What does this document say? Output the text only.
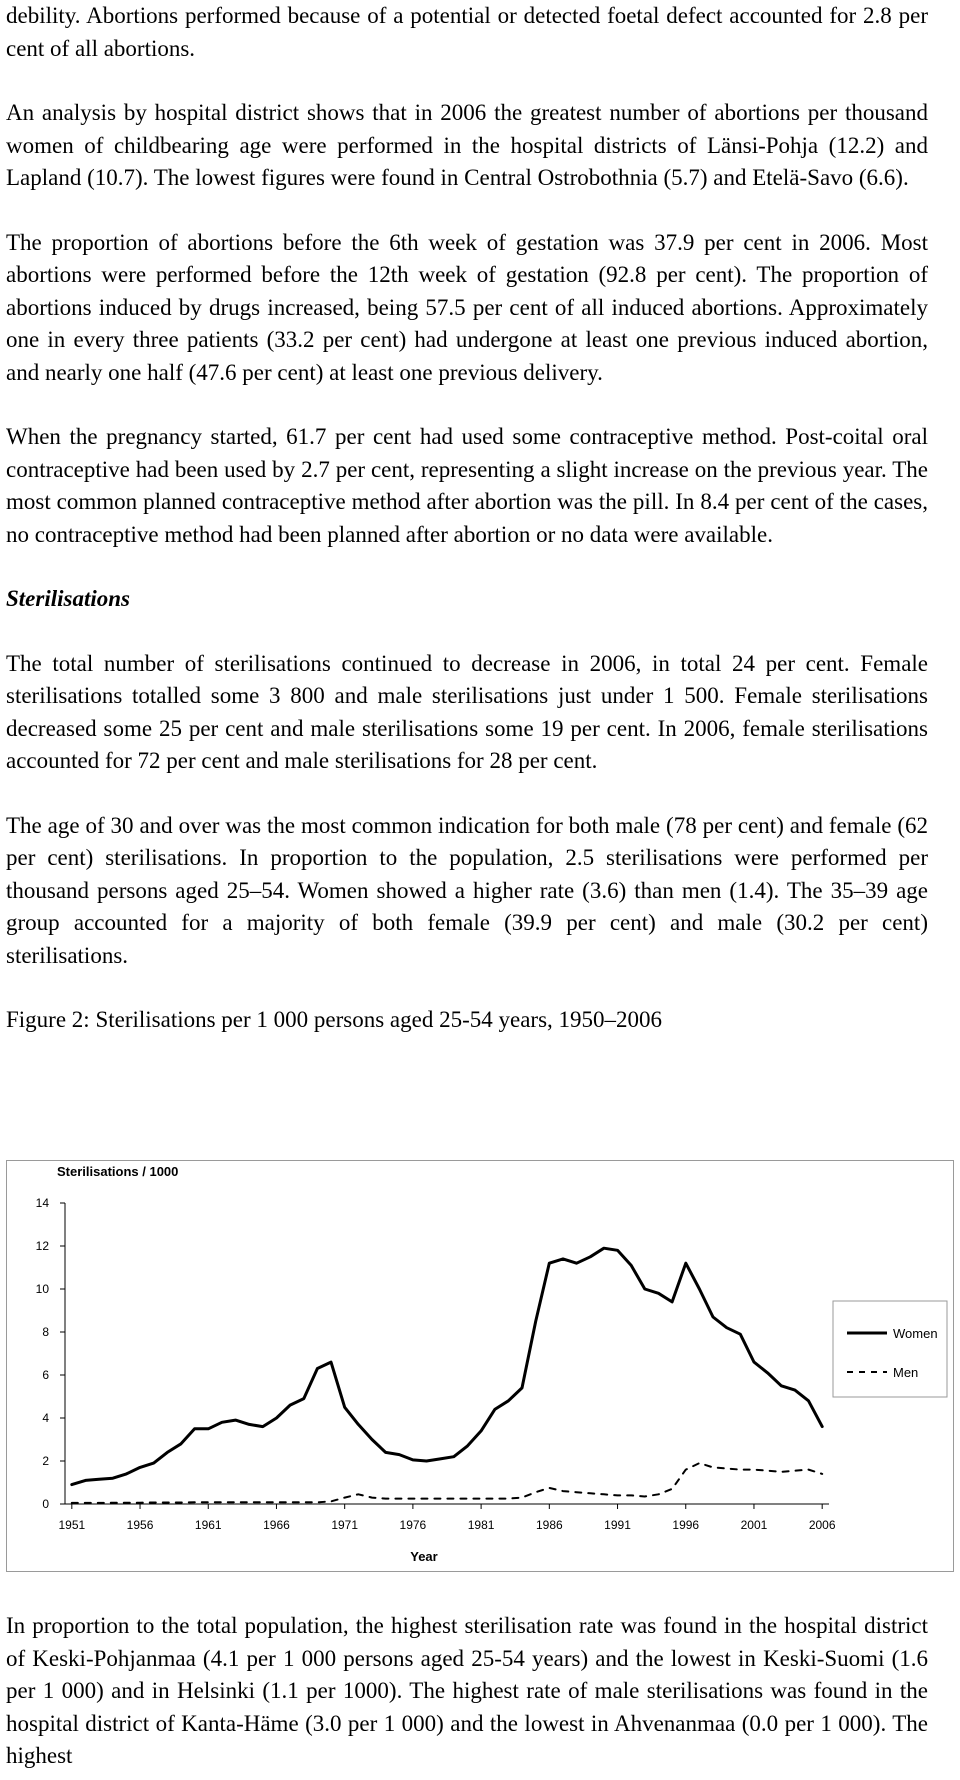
debility. Abortions performed because of a potential or detected foetal defect accounted for 2.8 per cent of all abortions.

An analysis by hospital district shows that in 2006 the greatest number of abortions per thousand women of childbearing age were performed in the hospital districts of Länsi-Pohja (12.2) and Lapland (10.7). The lowest figures were found in Central Ostrobothnia (5.7) and Etelä-Savo (6.6).

The proportion of abortions before the 6th week of gestation was 37.9 per cent in 2006. Most abortions were performed before the 12th week of gestation (92.8 per cent). The proportion of abortions induced by drugs increased, being 57.5 per cent of all induced abortions. Approximately one in every three patients (33.2 per cent) had undergone at least one previous induced abortion, and nearly one half (47.6 per cent) at least one previous delivery.

When the pregnancy started, 61.7 per cent had used some contraceptive method. Post-coital oral contraceptive had been used by 2.7 per cent, representing a slight increase on the previous year. The most common planned contraceptive method after abortion was the pill. In 8.4 per cent of the cases, no contraceptive method had been planned after abortion or no data were available.

Sterilisations

The total number of sterilisations continued to decrease in 2006, in total 24 per cent. Female sterilisations totalled some 3 800 and male sterilisations just under 1 500. Female sterilisations decreased some 25 per cent and male sterilisations some 19 per cent. In 2006, female sterilisations accounted for 72 per cent and male sterilisations for 28 per cent.

The age of 30 and over was the most common indication for both male (78 per cent) and female (62 per cent) sterilisations. In proportion to the population, 2.5 sterilisations were performed per thousand persons aged 25–54. Women showed a higher rate (3.6) than men (1.4). The 35–39 age group accounted for a majority of both female (39.9 per cent) and male (30.2 per cent) sterilisations.

Figure 2: Sterilisations per 1 000 persons aged 25-54 years, 1950–2006

Sterilisations / 1000
Year
0
2
4
6
8
10
12
14
1951	1956	1961	1966	1971	1976	1981	1986	1991	1996	2001	2006
Women
Men

In proportion to the total population, the highest sterilisation rate was found in the hospital district of Keski-Pohjanmaa (4.1 per 1 000 persons aged 25-54 years) and the lowest in Keski-Suomi (1.6 per 1 000) and in Helsinki (1.1 per 1000). The highest rate of male sterilisations was found in the hospital district of Kanta-Häme (3.0 per 1 000) and the lowest in Ahvenanmaa (0.0 per 1 000). The highest
